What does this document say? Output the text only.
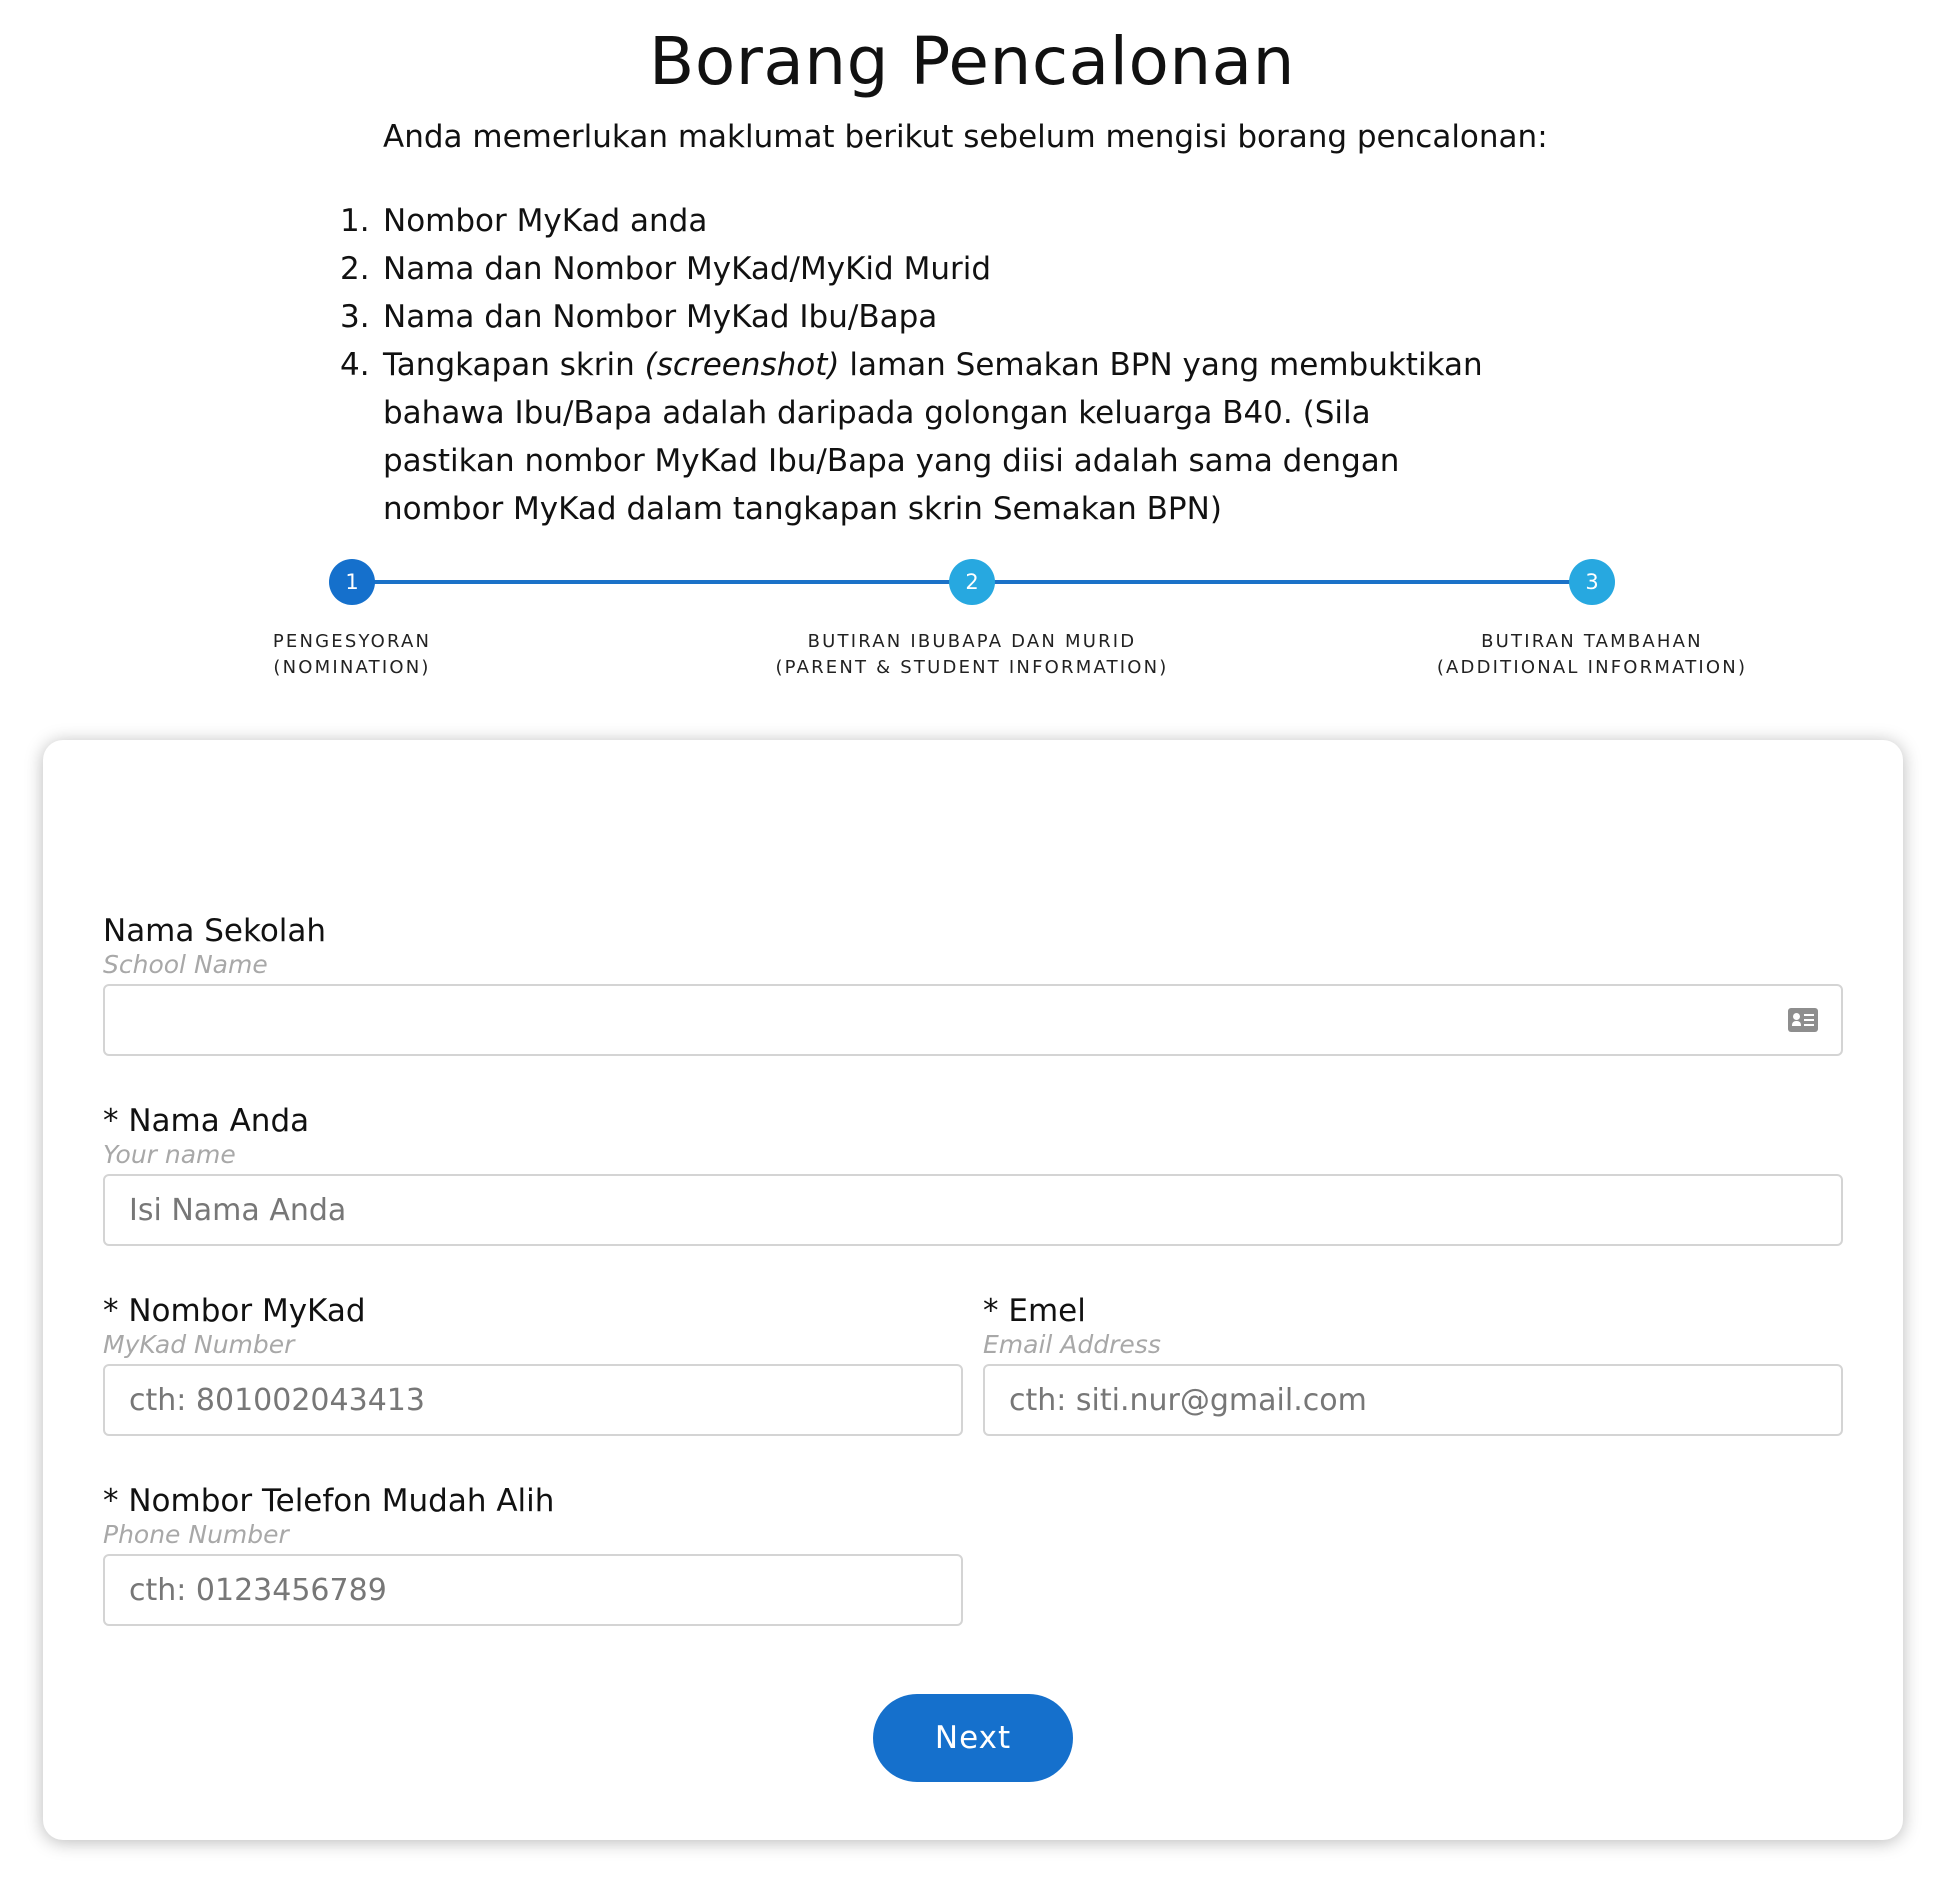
Borang Pencalonan

Anda memerlukan maklumat berikut sebelum mengisi borang pencalonan:

1. Nombor MyKad anda
2. Nama dan Nombor MyKad/MyKid Murid
3. Nama dan Nombor MyKad Ibu/Bapa
4. Tangkapan skrin (screenshot) laman Semakan BPN yang membuktikan bahawa Ibu/Bapa adalah daripada golongan keluarga B40. (Sila pastikan nombor MyKad Ibu/Bapa yang diisi adalah sama dengan nombor MyKad dalam tangkapan skrin Semakan BPN)
1	2	3
PENGESYORAN
(NOMINATION)
BUTIRAN IBUBAPA DAN MURID
(PARENT & STUDENT INFORMATION)
BUTIRAN TAMBAHAN
(ADDITIONAL INFORMATION)
Nama Sekolah
School Name
* Nama Anda
Your name
Isi Nama Anda
* Nombor MyKad
MyKad Number
cth: 801002043413
* Emel
Email Address
cth: siti.nur@gmail.com
* Nombor Telefon Mudah Alih
Phone Number
cth: 0123456789
Next
